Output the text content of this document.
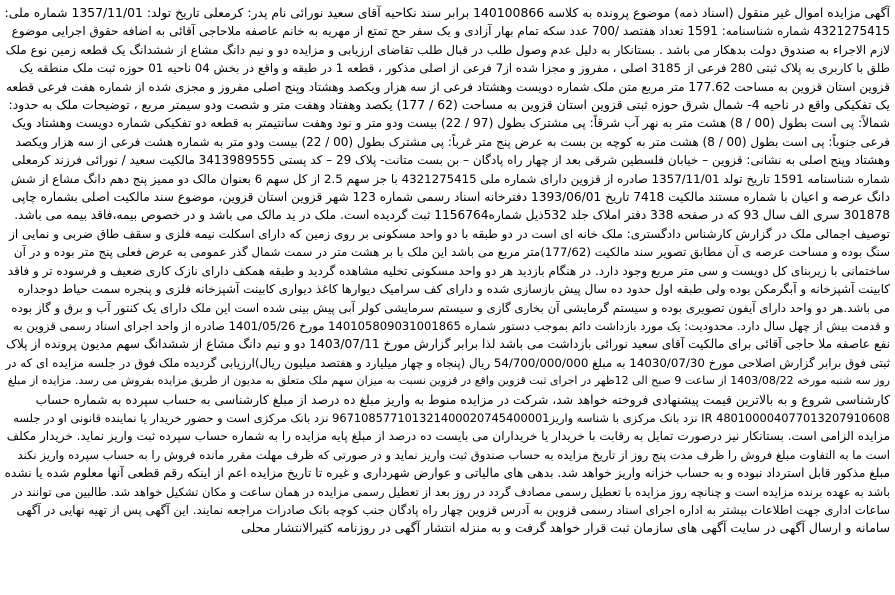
آگهی مزایده اموال غیر منقول (اسناد ذمه) موضوع پرونده به کلاسه 140100866 برابر سند نکاحیه آقای سعید نورائی نام پدر: کرمعلی تاریخ تولد: 1357/11/01 شماره ملی:
4321275415 شماره شناسنامه: 1591 تعداد هفتصد /700 عدد سکه تمام بهار آزادی و یک سفر حج تمتع از مهریه به خانم عاصفه ملاحاجی آقائی به اضافه حقوق اجرایی موضوع
لازم الاجراء به صندوق دولت بدهکار می باشد . بستانکار به دلیل عدم وصول طلب در قبال طلب تقاضای ارزیابی و مزایده دو و نیم دانگ مشاع از ششدانگ یک قطعه زمین نوع ملک
طلق با کاربری به پلاک ثبتی 280 فرعی از 3185 اصلی ، مفروز و مجزا شده از7 فرعی از اصلی مذکور ، قطعه 1 در طبقه و واقع در بخش 04 ناحیه 01 حوزه ثبت ملک منطقه یک
قزوین استان قزوین به مساحت 177.62 متر مربع متن ملک شماره دویست وهشتاد فرعی از سه هزار ویکصد وهشتاد وپنج اصلی مفروز و مجزی شده از شماره هفت فرعی قطعه
یک تفکیکی واقع در ناحیه 4- شمال شرق حوزه ثبتی قزوین استان قزوین به مساحت (62 / 177) یکصد وهفتاد وهفت متر و شصت ودو سیمتر مربع ، توضیحات ملک به حدود:
شمالاً: پی است بطول (00 / 8) هشت متر به نهر آب شرقاً: پی مشترک بطول (97 / 22) بیست ودو متر و نود وهفت سانتیمتر به قطعه دو تفکیکی شماره دویست وهشتاد ویک
فرعی جنوباً: پی است بطول (00 / 8) هشت متر به کوچه بن بست به عرض پنج متر غرباً: پی مشترک بطول (00 / 22) بیست ودو متر به شماره هشت فرعی از سه هزار ویکصد
وهشتاد وپنج اصلی به نشانی: قزوین – خیابان فلسطین شرقی بعد از چهار راه پادگان – بن بست متانت- پلاک 29 – کد پستی 3413989555 مالکیت سعید / نورائی فرزند کرمعلی
شماره شناسنامه 1591 تاریخ تولد 1357/11/01 صادره از قزوین دارای شماره ملی 4321275415 با جز سهم 2.5 از کل سهم 6 بعنوان مالک دو ممیز پنج دهم دانگ مشاع از شش
دانگ عرصه و اعیان با شماره مستند مالکیت 7418 تاریخ 1393/06/01 دفترخانه اسناد رسمی شماره 123 شهر قزوین استان قزوین، موضوع سند مالکیت اصلی بشماره چاپی
301878 سری الف سال 93 که در صفحه 338 دفتر املاک جلد 532ذیل شماره1156764 ثبت گردیده است. ملک در ید مالک می باشد و در خصوص بیمه،فاقد بیمه می باشد.
توصیف اجمالی ملک در گزارش کارشناس دادگستری: ملک خانه ای است در دو طبقه با دو واحد مسکونی بر روی زمین که دارای اسکلت نیمه فلزی و سقف طاق ضربی و نمایی از
سنگ بوده و مساحت عرصه ی آن مطابق تصویر سند مالکیت (177/62)متر مربع می باشد این ملک با بر هشت متر در سمت شمال گذر عمومی به عرض فعلی پنج متر بوده و در آن
ساختمانی با زیربنای کل دویست و سی متر مربع وجود دارد. در هنگام بازدید هر دو واحد مسکونی تخلیه مشاهده گردید و طبقه همکف دارای نازک کاری ضعیف و فرسوده تر و فاقد
کابینت آشپزخانه و آبگرمکن بوده ولی طبقه اول حدود ده سال پیش بازسازی شده و دارای کف سرامیک دیوارها کاغذ دیواری کابینت آشپزخانه فلزی و پنجره سمت حیاط دوجداره
می باشد.هر دو واحد دارای آیفون تصویری بوده و سیستم گرمایشی آن بخاری گازی و سیستم سرمایشی کولر آبی پیش بینی شده است این ملک دارای یک کنتور آب و برق و گاز بوده
و قدمت بیش از چهل سال دارد. محدودیت: یک مورد بازداشت دائم بموجب دستور شماره 140105809031001865 مورخ 1401/05/26 صادره از واحد اجرای اسناد رسمی قزوین به
نفع عاصفه ملا حاجی آقائی برای مالکیت آقای سعید نورائی بازداشت می باشد لذا برابر گزارش مورخ 1403/07/11 دو و نیم دانگ مشاع از ششدانگ سهم مدیون پرونده از پلاک
ثبتی فوق برابر گزارش اصلاحی مورخ 14030/07/30 به مبلغ 54/700/000/000 ریال (پنجاه و چهار میلیارد و هفتصد میلیون ریال)ارزیابی گردیده ملک فوق در جلسه مزایده ای که در
روز سه شنبه مورخه 1403/08/22 از ساعت 9 صبح الی 12ظهر در اجرای ثبت قزوین واقع در قزوین نسبت به میزان سهم ملک متعلق به مدیون از طریق مزایده بفروش می رسد. مزایده از مبلغ
کارشناسی شروع و به بالاترین قیمت پیشنهادی فروخته خواهد شد، شرکت در مزایده منوط به واریز مبلغ ده درصد از مبلغ کارشناسی به حساب سپرده به شماره حساب
IR 480100004077013207910608 نزد بانک مرکزی با شناسه واریز967108577101321400020745400001 نزد بانک مرکزی است و حضور خریدار یا نماینده قانونی او در جلسه
مزایده الزامی است. بستانکار نیز درصورت تمایل به رقابت با خریدار یا خریداران می بایست ده درصد از مبلغ پایه مزایده را به شماره حساب سپرده ثبت واریز نماید. خریدار مکلف
است ما به التفاوت مبلغ فروش را ظرف مدت پنج روز از تاریخ مزایده به حساب صندوق ثبت واریز نماید و در صورتی که ظرف مهلت مقرر مانده فروش را به حساب سپرده واریز نکند
مبلغ مذکور قابل استرداد نبوده و به حساب خزانه واریز خواهد شد. بدهی های مالیاتی و عوارض شهرداری و غیره تا تاریخ مزایده اعم از اینکه رقم قطعی آنها معلوم شده یا نشده
باشد به عهده برنده مزایده است و چنانچه روز مزایده با تعطیل رسمی مصادف گردد در روز بعد از تعطیل رسمی مزایده در همان ساعت و مکان تشکیل خواهد شد. طالبین می توانند در
ساعات اداری جهت اطلاعات بیشتر به اداره اجرای اسناد رسمی قزوین به آدرس قزوین چهار راه پادگان جنب کوچه بانک صادرات مراجعه نمایند. این آگهی پس از تهیه نهایی در آگهی
سامانه و ارسال آگهی در سایت آگهی های سازمان ثبت قرار خواهد گرفت و به منزله انتشار آگهی در روزنامه کثیرالانتشار محلی
